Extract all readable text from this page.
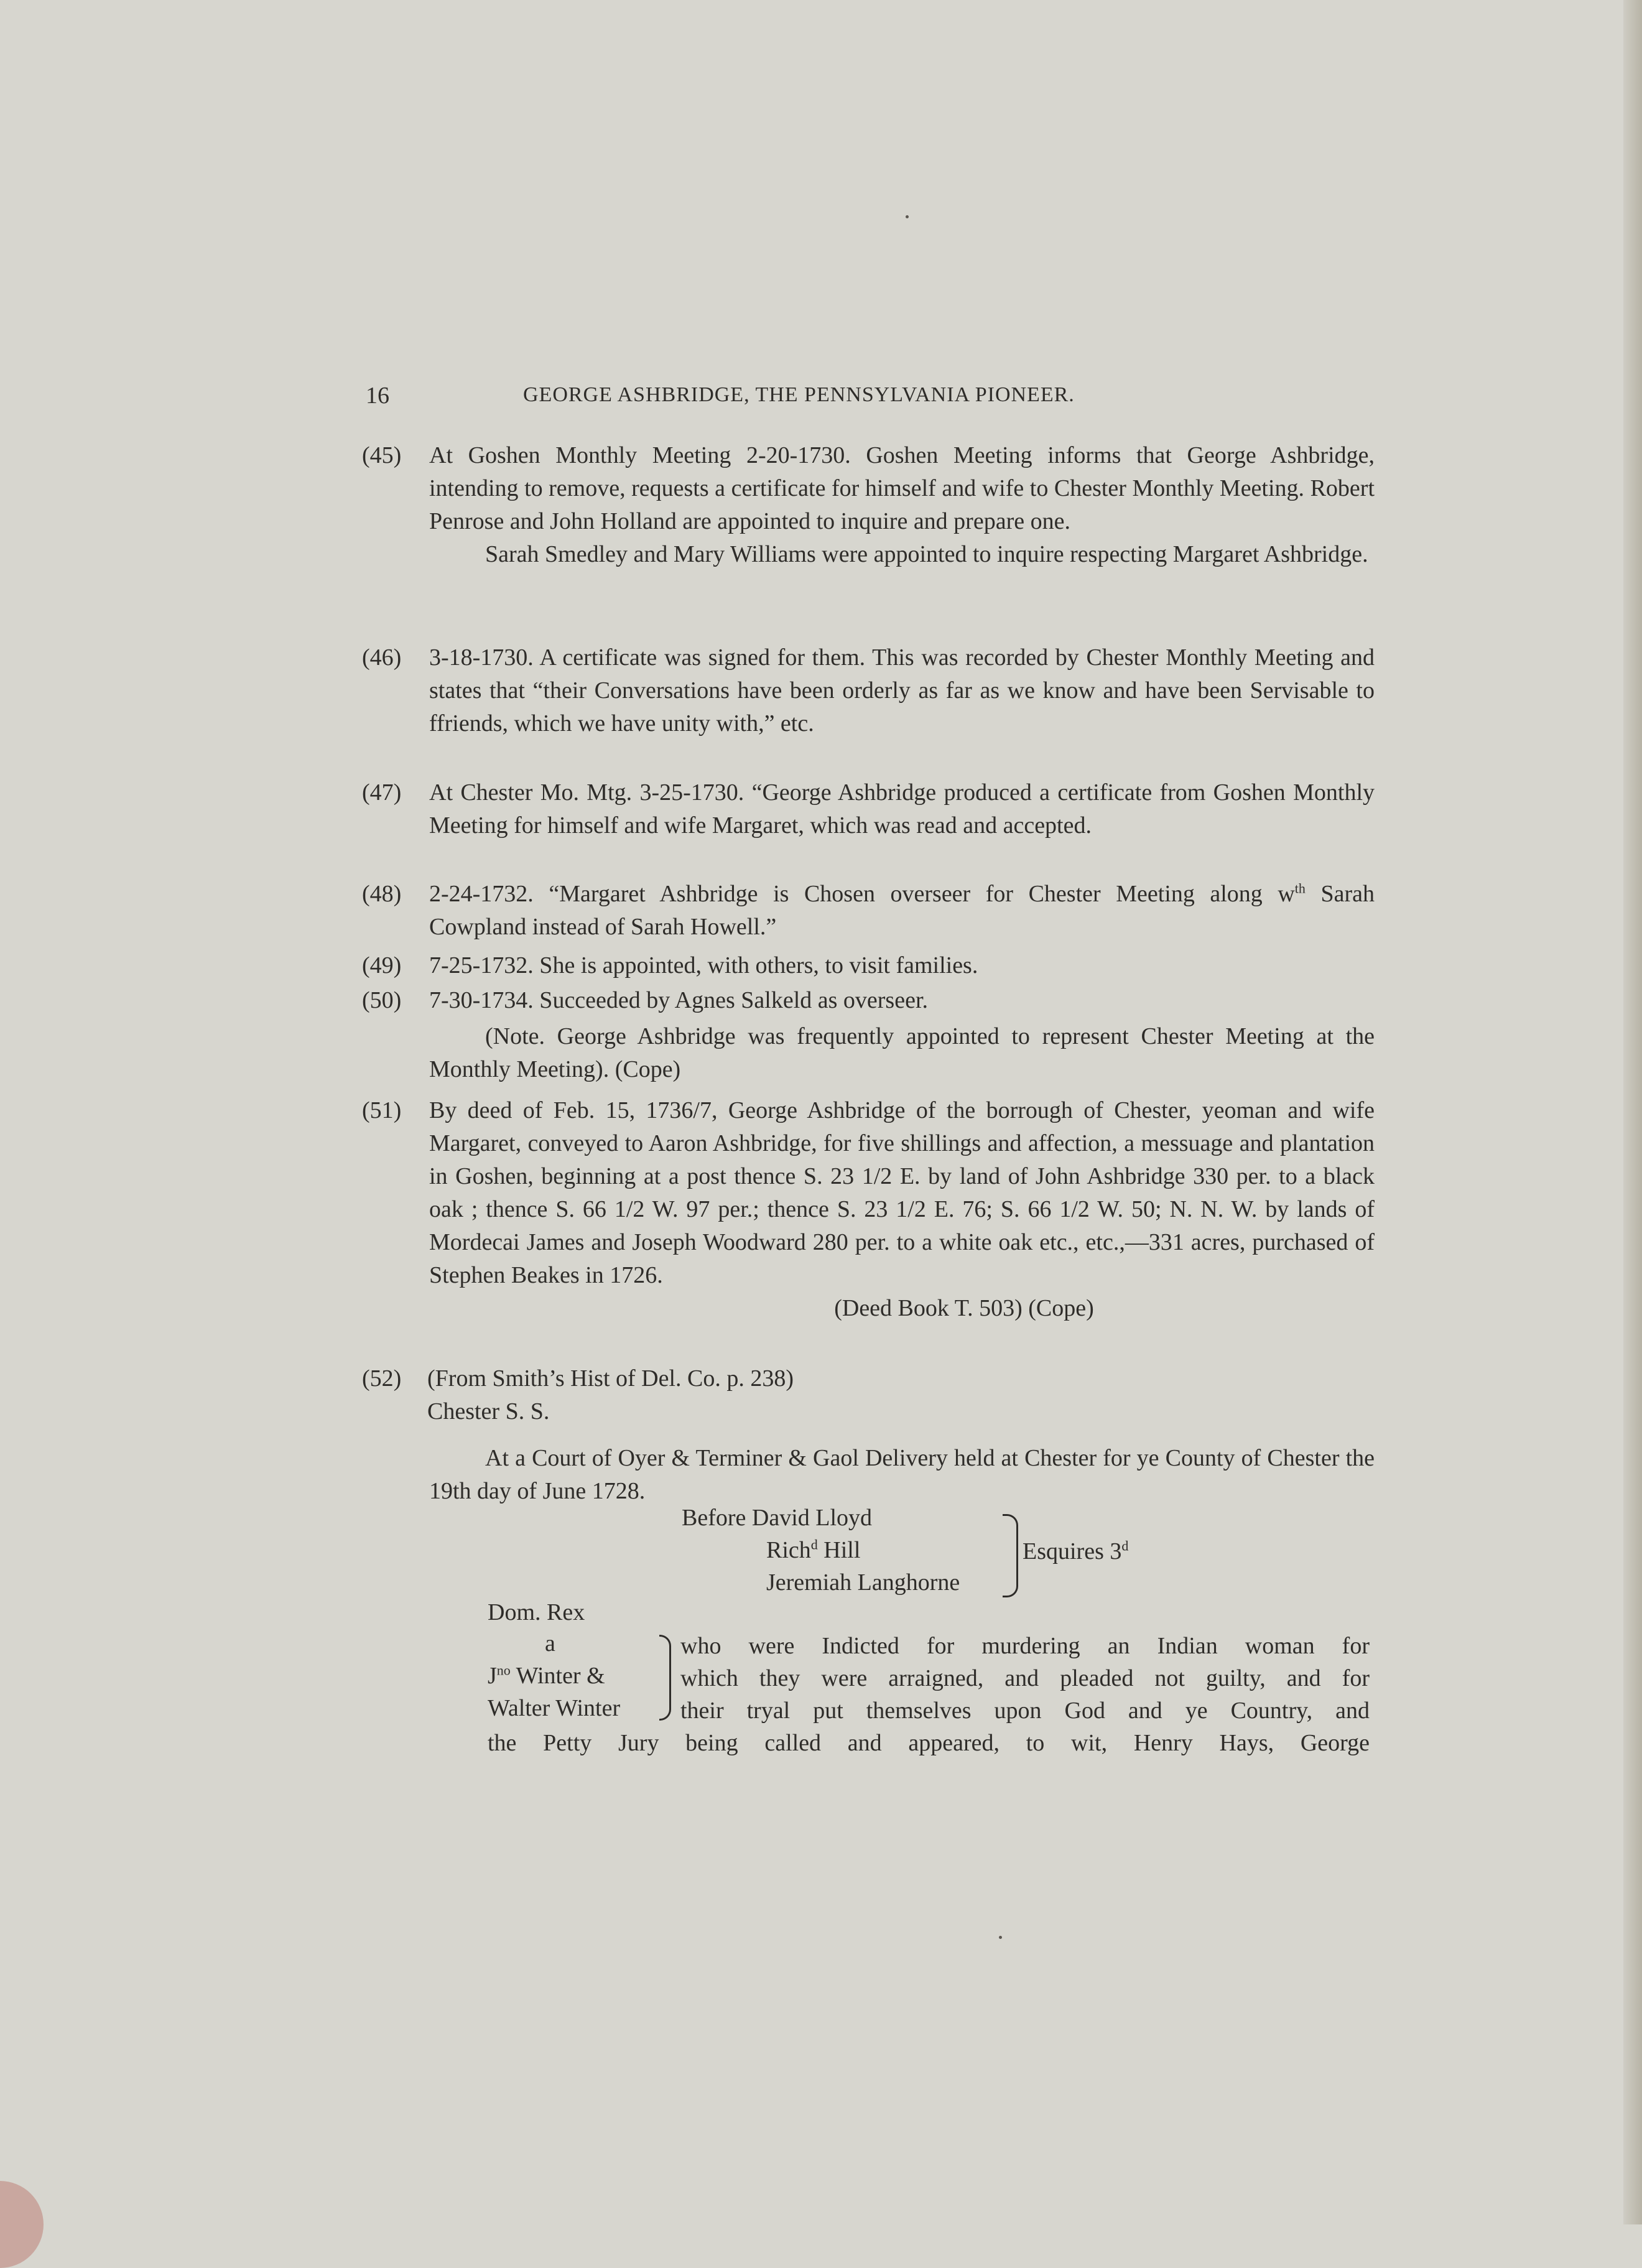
16	GEORGE ASHBRIDGE, THE PENNSYLVANIA PIONEER.
(45)	At Goshen Monthly Meeting 2-20-1730. Goshen Meeting informs that George Ashbridge, intending to remove, requests a certificate for himself and wife to Chester Monthly Meeting. Robert Penrose and John Holland are appointed to inquire and prepare one.

Sarah Smedley and Mary Williams were appointed to inquire respecting Margaret Ashbridge.

(46)	3-18-1730. A certificate was signed for them. This was recorded by Chester Monthly Meeting and states that “their Conversations have been orderly as far as we know and have been Servisable to ffriends, which we have unity with,” etc.

(47)	At Chester Mo. Mtg. 3-25-1730. “George Ashbridge produced a certificate from Goshen Monthly Meeting for himself and wife Margaret, which was read and accepted.

(48)	2-24-1732. “Margaret Ashbridge is Chosen overseer for Chester Meeting along $w^{th}$ Sarah Cowpland instead of Sarah Howell.”

(49)	7-25-1732. She is appointed, with others, to visit families.

(50)	7-30-1734. Succeeded by Agnes Salkeld as overseer.

(Note. George Ashbridge was frequently appointed to represent Chester Meeting at the Monthly Meeting). (Cope)

(51)	By deed of Feb. 15, 1736/7, George Ashbridge of the borrough of Chester, yeoman and wife Margaret, conveyed to Aaron Ashbridge, for five shillings and affection, a messuage and plantation in Goshen, beginning at a post thence S. 23 1/2 E. by land of John Ashbridge 330 per. to a black oak ; thence S. 66 1/2 W. 97 per.; thence S. 23 1/2 E. 76; S. 66 1/2 W. 50; N. N. W. by lands of Mordecai James and Joseph Woodward 280 per. to a white oak etc., etc.,—331 acres, purchased of Stephen Beakes in 1726.

(Deed Book T. 503) (Cope)

(52)	(From Smith’s Hist of Del. Co. p. 238)

Chester S. S.

At a Court of Oyer & Terminer & Gaol Delivery held at Chester for ye County of Chester the 19th day of June 1728.

Before David Lloyd
Rich$^d$ Hill
Jeremiah Langhorne
Esquires 3$^d$
Dom. Rex
a
$J^{no}$ Winter &
Walter Winter
who were Indicted for murdering an Indian woman for
which they were arraigned, and pleaded not guilty, and for
their tryal put themselves upon God and ye Country, and
the Petty Jury being called and appeared, to wit, Henry Hays, George
